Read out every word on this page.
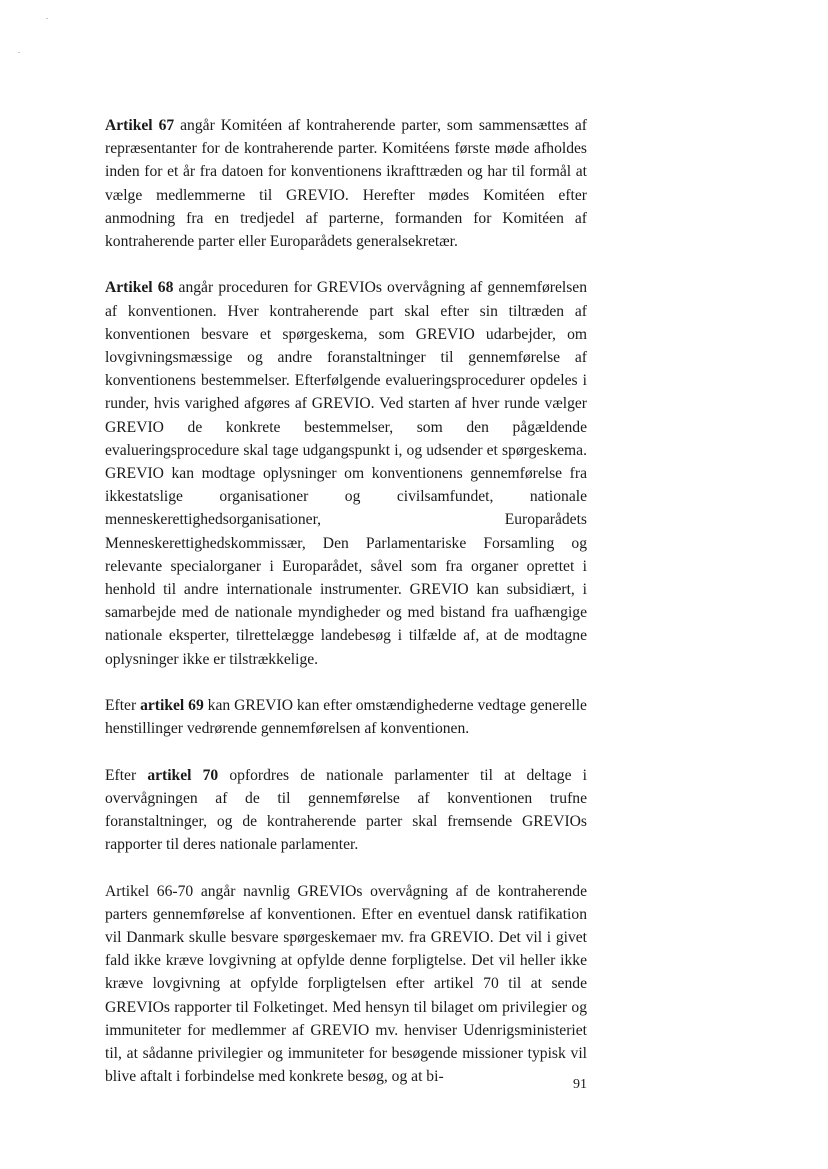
Artikel 67 angår Komitéen af kontraherende parter, som sammensættes af repræsentanter for de kontraherende parter. Komitéens første møde afholdes inden for et år fra datoen for konventionens ikrafttræden og har til formål at vælge medlemmerne til GREVIO. Herefter mødes Komitéen efter anmodning fra en tredjedel af parterne, formanden for Komitéen af kontraherende parter eller Europarådets generalsekretær.

Artikel 68 angår proceduren for GREVIOs overvågning af gennemførelsen af konventionen. Hver kontraherende part skal efter sin tiltræden af konventionen besvare et spørgeskema, som GREVIO udarbejder, om lovgivningsmæssige og andre foranstaltninger til gennemførelse af konventionens bestemmelser. Efterfølgende evalueringsprocedurer opdeles i runder, hvis varighed afgøres af GREVIO. Ved starten af hver runde vælger GREVIO de konkrete bestemmelser, som den pågældende evalueringsprocedure skal tage udgangspunkt i, og udsender et spørgeskema. GREVIO kan modtage oplysninger om konventionens gennemførelse fra ikkestatslige organisationer og civilsamfundet, nationale menneskerettighedsorganisationer, Europarådets Menneskerettighedskommissær, Den Parlamentariske Forsamling og relevante specialorganer i Europarådet, såvel som fra organer oprettet i henhold til andre internationale instrumenter. GREVIO kan subsidiært, i samarbejde med de nationale myndigheder og med bistand fra uafhængige nationale eksperter, tilrettelægge landebesøg i tilfælde af, at de modtagne oplysninger ikke er tilstrækkelige.

Efter artikel 69 kan GREVIO kan efter omstændighederne vedtage generelle henstillinger vedrørende gennemførelsen af konventionen.

Efter artikel 70 opfordres de nationale parlamenter til at deltage i overvågningen af de til gennemførelse af konventionen trufne foranstaltninger, og de kontraherende parter skal fremsende GREVIOs rapporter til deres nationale parlamenter.

Artikel 66-70 angår navnlig GREVIOs overvågning af de kontraherende parters gennemførelse af konventionen. Efter en eventuel dansk ratifikation vil Danmark skulle besvare spørgeskemaer mv. fra GREVIO. Det vil i givet fald ikke kræve lovgivning at opfylde denne forpligtelse. Det vil heller ikke kræve lovgivning at opfylde forpligtelsen efter artikel 70 til at sende GREVIOs rapporter til Folketinget. Med hensyn til bilaget om privilegier og immuniteter for medlemmer af GREVIO mv. henviser Udenrigsministeriet til, at sådanne privilegier og immuniteter for besøgende missioner typisk vil blive aftalt i forbindelse med konkrete besøg, og at bi-	91
